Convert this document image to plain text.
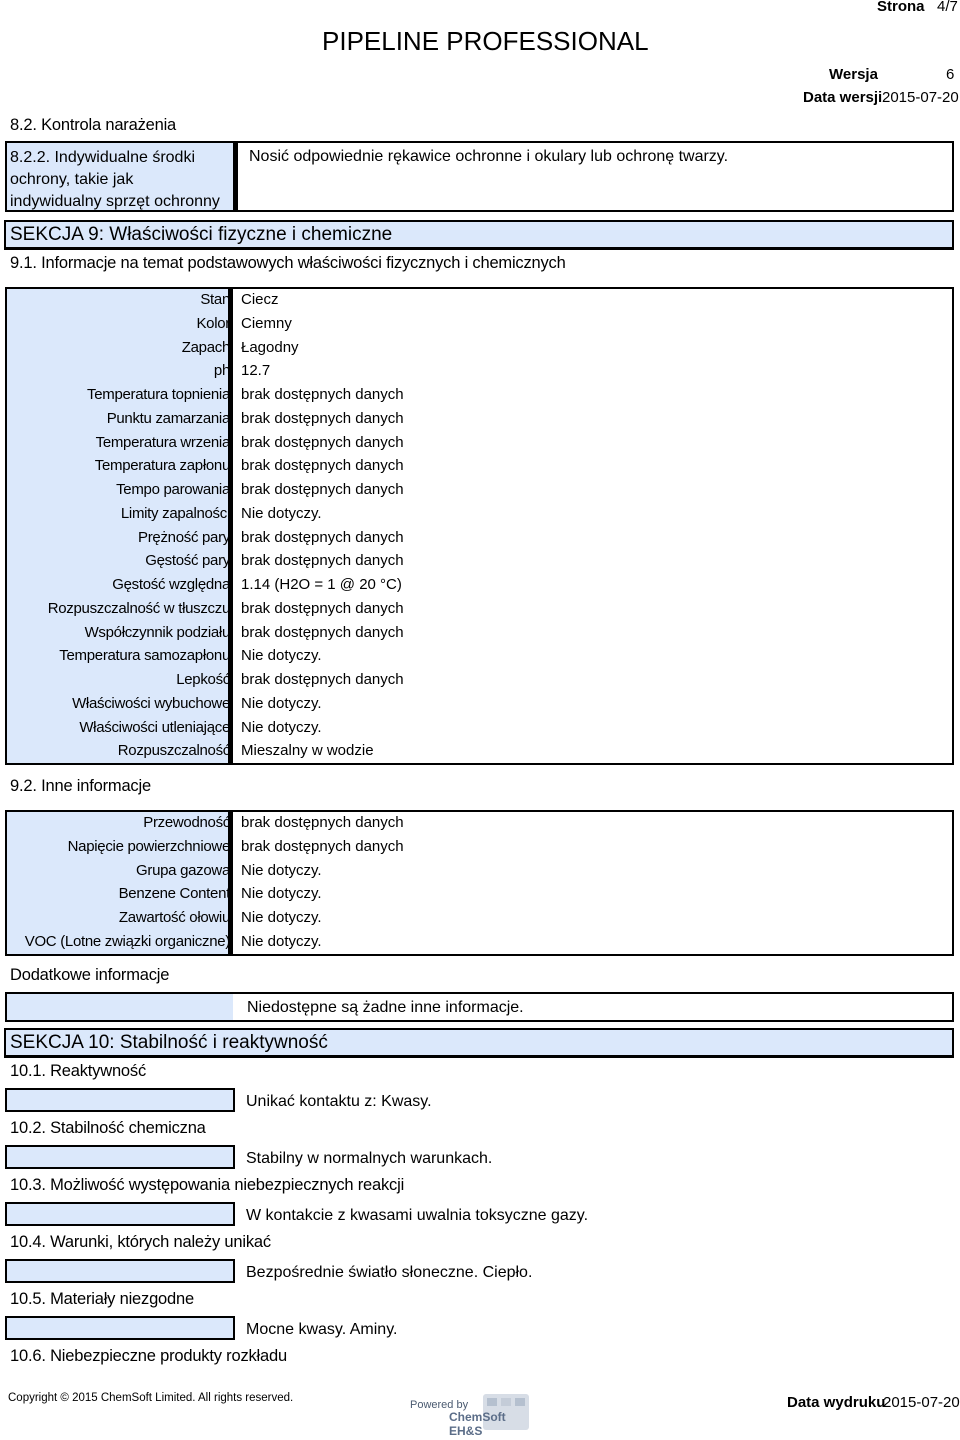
Strona 4/7
PIPELINE PROFESSIONAL
Wersja	6
Data wersji 2015-07-20
8.2. Kontrola narażenia
8.2.2. Indywidualne środki
ochrony, takie jak
indywidualny sprzęt ochronny
Nosić odpowiednie rękawice ochronne i okulary lub ochronę twarzy.
SEKCJA 9: Właściwości fizyczne i chemiczne
9.1. Informacje na temat podstawowych właściwości fizycznych i chemicznych
Stan Ciecz
Kolor Ciemny
Zapach Łagodny
ph 12.7
Temperatura topnienia brak dostępnych danych
Punktu zamarzania brak dostępnych danych
Temperatura wrzenia brak dostępnych danych
Temperatura zapłonu brak dostępnych danych
Tempo parowania brak dostępnych danych
Limity zapalności Nie dotyczy.
Prężność pary brak dostępnych danych
Gęstość pary brak dostępnych danych
Gęstość względna 1.14 (H2O = 1 @ 20 °C)
Rozpuszczalność w tłuszczu brak dostępnych danych
Współczynnik podziału brak dostępnych danych
Temperatura samozapłonu Nie dotyczy.
Lepkość brak dostępnych danych
Właściwości wybuchowe Nie dotyczy.
Właściwości utleniające Nie dotyczy.
Rozpuszczalność Mieszalny w wodzie
9.2. Inne informacje
Przewodność brak dostępnych danych
Napięcie powierzchniowe brak dostępnych danych
Grupa gazowa Nie dotyczy.
Benzene Content Nie dotyczy.
Zawartość ołowiu Nie dotyczy.
VOC (Lotne związki organiczne) Nie dotyczy.
Dodatkowe informacje
Niedostępne są żadne inne informacje.
SEKCJA 10: Stabilność i reaktywność
10.1. Reaktywność
Unikać kontaktu z: Kwasy.
10.2. Stabilność chemiczna
Stabilny w normalnych warunkach.
10.3. Możliwość występowania niebezpiecznych reakcji
W kontakcie z kwasami uwalnia toksyczne gazy.
10.4. Warunki, których należy unikać
Bezpośrednie światło słoneczne. Ciepło.
10.5. Materiały niezgodne
Mocne kwasy. Aminy.
10.6. Niebezpieczne produkty rozkładu
Copyright © 2015 ChemSoft Limited. All rights reserved.
Powered by
ChemSoft EH&S
Data wydruku
2015-07-20
